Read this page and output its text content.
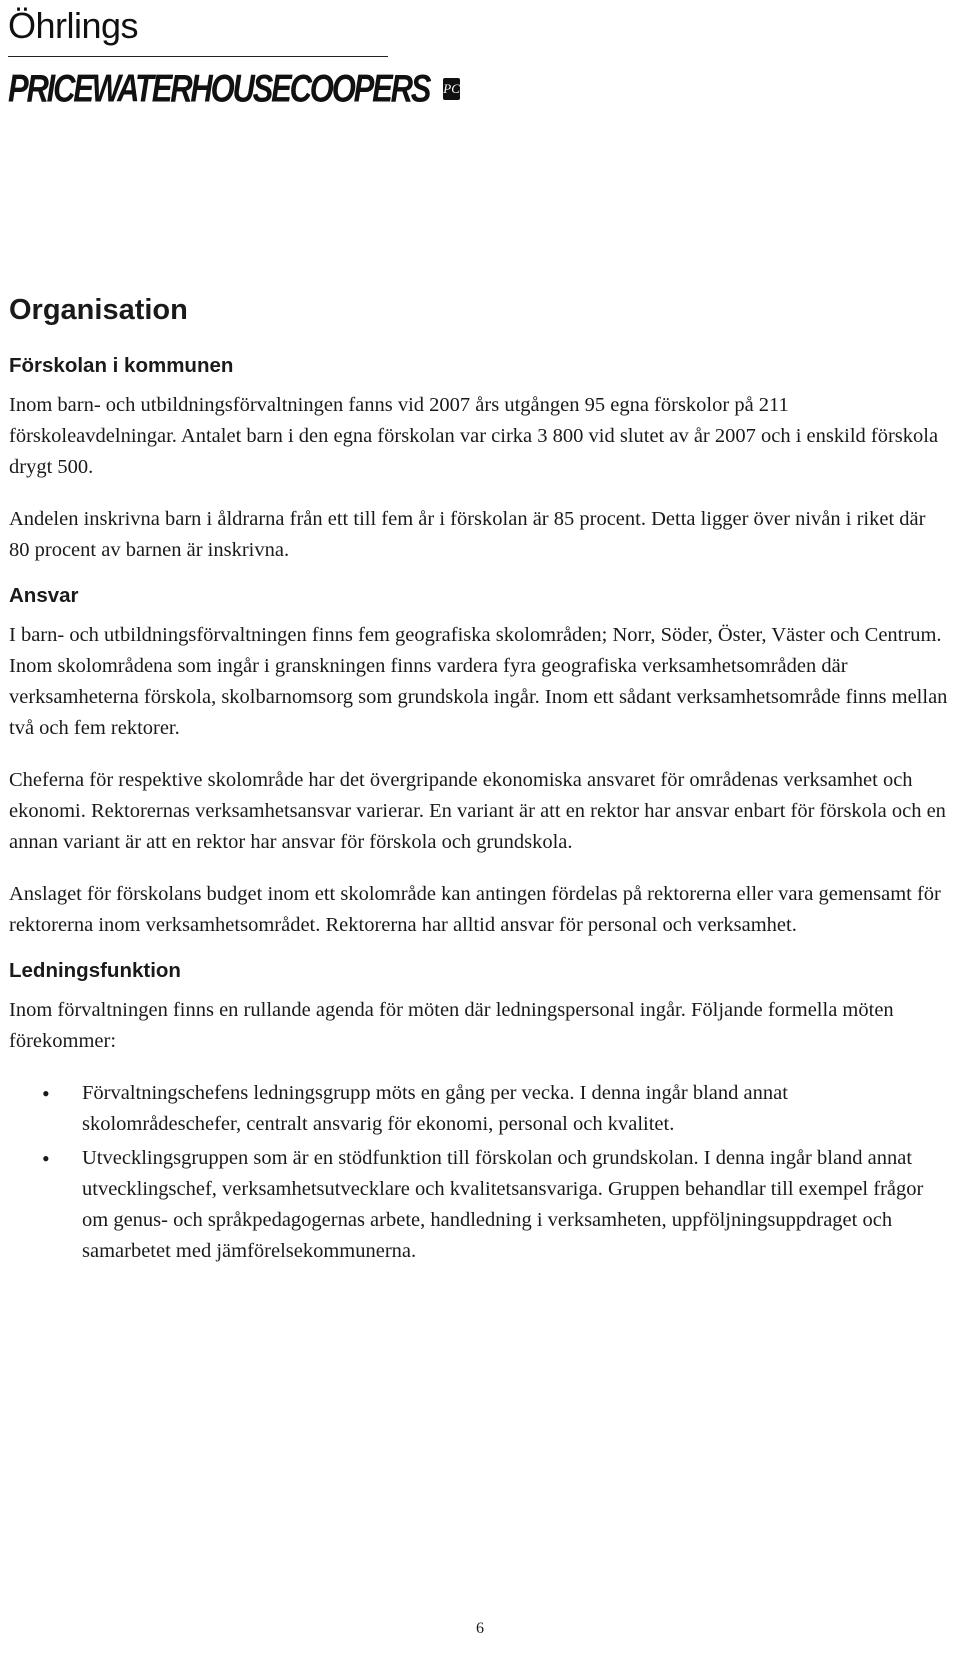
Öhrlings
PRICEWATERHOUSECOOPERS PC
Organisation
Förskolan i kommunen

Inom barn- och utbildningsförvaltningen fanns vid 2007 års utgången 95 egna förskolor på 211 förskoleavdelningar. Antalet barn i den egna förskolan var cirka 3 800 vid slutet av år 2007 och i enskild förskola drygt 500.

Andelen inskrivna barn i åldrarna från ett till fem år i förskolan är 85 procent. Detta ligger över nivån i riket där 80 procent av barnen är inskrivna.

Ansvar

I barn- och utbildningsförvaltningen finns fem geografiska skolområden; Norr, Söder, Öster, Väster och Centrum. Inom skolområdena som ingår i granskningen finns vardera fyra geografiska verksamhetsområden där verksamheterna förskola, skolbarnomsorg som grundskola ingår. Inom ett sådant verksamhetsområde finns mellan två och fem rektorer.

Cheferna för respektive skolområde har det övergripande ekonomiska ansvaret för områdenas verksamhet och ekonomi. Rektorernas verksamhetsansvar varierar. En variant är att en rektor har ansvar enbart för förskola och en annan variant är att en rektor har ansvar för förskola och grundskola.

Anslaget för förskolans budget inom ett skolområde kan antingen fördelas på rektorerna eller vara gemensamt för rektorerna inom verksamhetsområdet. Rektorerna har alltid ansvar för personal och verksamhet.

Ledningsfunktion

Inom förvaltningen finns en rullande agenda för möten där ledningspersonal ingår. Följande formella möten förekommer:

• Förvaltningschefens ledningsgrupp möts en gång per vecka. I denna ingår bland annat skolområdeschefer, centralt ansvarig för ekonomi, personal och kvalitet.
• Utvecklingsgruppen som är en stödfunktion till förskolan och grundskolan. I denna ingår bland annat utvecklingschef, verksamhetsutvecklare och kvalitetsansvariga. Gruppen behandlar till exempel frågor om genus- och språkpedagogernas arbete, handledning i verksamheten, uppföljningsuppdraget och samarbetet med jämförelsekommunerna.
6
